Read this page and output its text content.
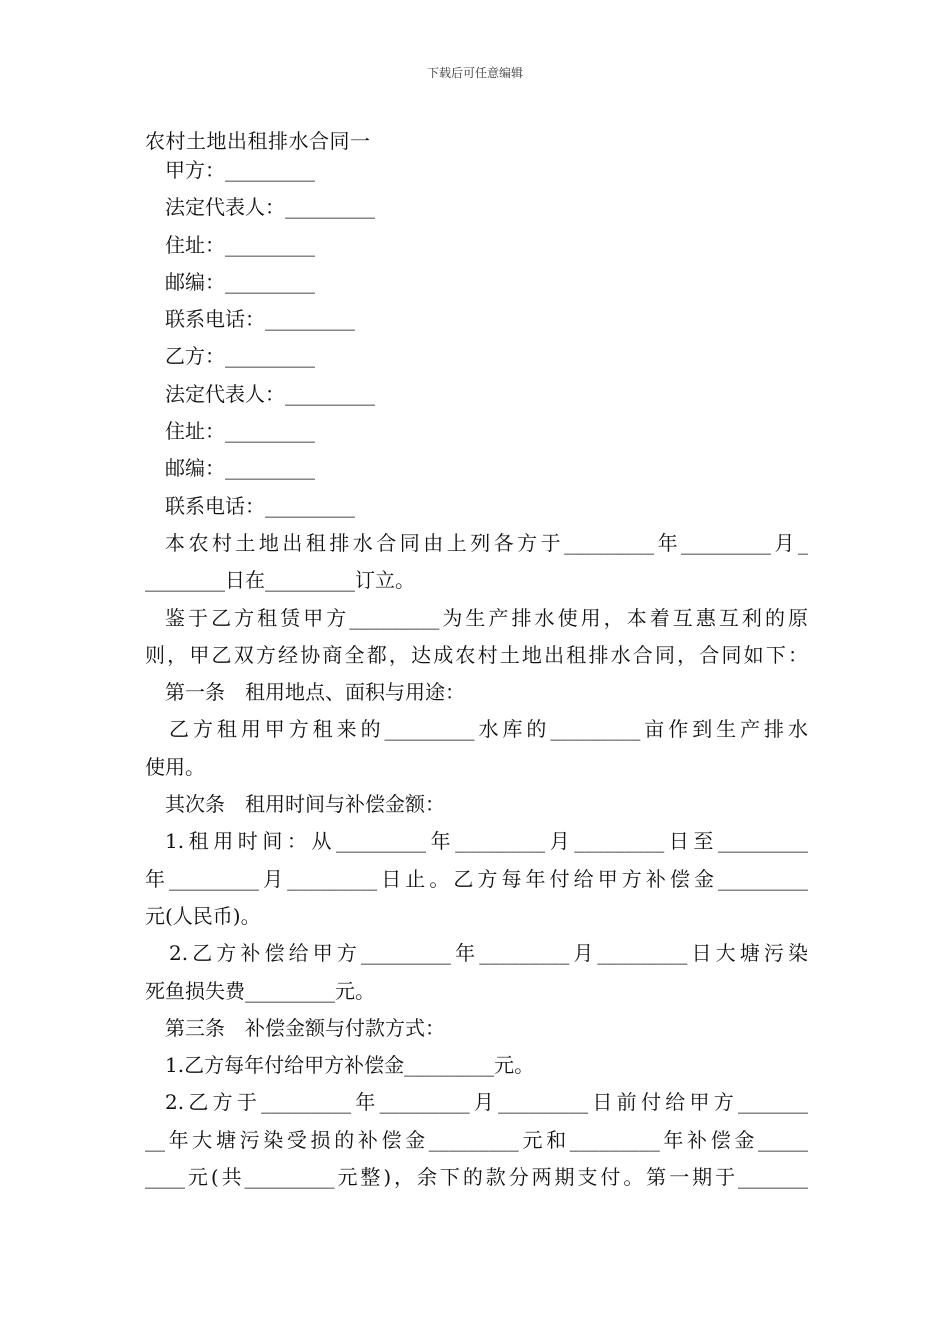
下载后可任意编辑
农村土地出租排水合同一
甲方：_________
法定代表人：_________
住址：_________
邮编：_________
联系电话：_________
乙方：_________
法定代表人：_________
住址：_________
邮编：_________
联系电话：_________
本农村土地出租排水合同由上列各方于_________年_________月_
________日在_________订立。
鉴于乙方租赁甲方_________为生产排水使用，本着互惠互利的原
则，甲乙双方经协商全都，达成农村土地出租排水合同，合同如下：
第一条　租用地点、面积与用途：
乙方租用甲方租来的_________水库的_________亩作到生产排水
使用。
其次条　租用时间与补偿金额：
1.租用时间：从_________年_________月_________日至_________
年_________月_________日止。乙方每年付给甲方补偿金_________
元(人民币)。
2.乙方补偿给甲方_________年_________月_________日大塘污染
死鱼损失费_________元。
第三条　补偿金额与付款方式：
1.乙方每年付给甲方补偿金_________元。
2.乙方于_________年_________月_________日前付给甲方_______
__年大塘污染受损的补偿金_________元和_________年补偿金_____
____元(共_________元整)，余下的款分两期支付。第一期于_______
